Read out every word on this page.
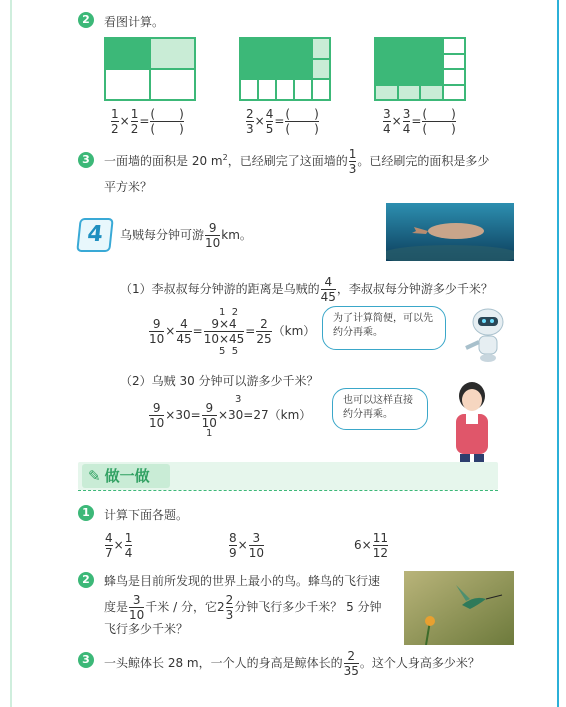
2	看图计算。
$\frac{1}{2} \times \frac{1}{2} = \frac{( )}{( )}$	$\frac{2}{3} \times \frac{4}{5} = \frac{( )}{( )}$	$\frac{3}{4} \times \frac{3}{4} = \frac{( )}{( )}$
3	一面墙的面积是 20 $m^2$，已经刷完了这面墙的 $\frac{1}{3}$ 。已经刷完的面积是多少
平方米？
4	乌贼每分钟可游 $\frac{9}{10}$ km。
（1）李叔叔每分钟游的距离是乌贼的 $\frac{4}{45}$ ，李叔叔每分钟游多少千米？
$\frac{9}{10} \times \frac{4}{45} = \frac{9\times 4}{10\times 45} = \frac{2}{25} (km)$
1 2
5 5
为了计算简便，可以先约分再乘。
（2）乌贼 30 分钟可以游多少千米？
$\frac{9}{10} \times 30= \frac{9}{10} \times 30=27(km)$
3
1
也可以这样直接约分再乘。
✎ 做一做
1	计算下面各题。
$\frac{4}{7} \times \frac{1}{4}$	$\frac{8}{9} \times \frac{3}{10}$	$6\times \frac{11}{12}$
2	蜂鸟是目前所发现的世界上最小的鸟。蜂鸟的飞行速
度是 $\frac{3}{10}$ 千米 / 分，它$2 \frac{2}{3}$ 分钟飞行多少千米？ 5 分钟
飞行多少千米？
3	一头鲸体长 28 m，一个人的身高是鲸体长的 $\frac{2}{35}$ 。这个人身高多少米？
